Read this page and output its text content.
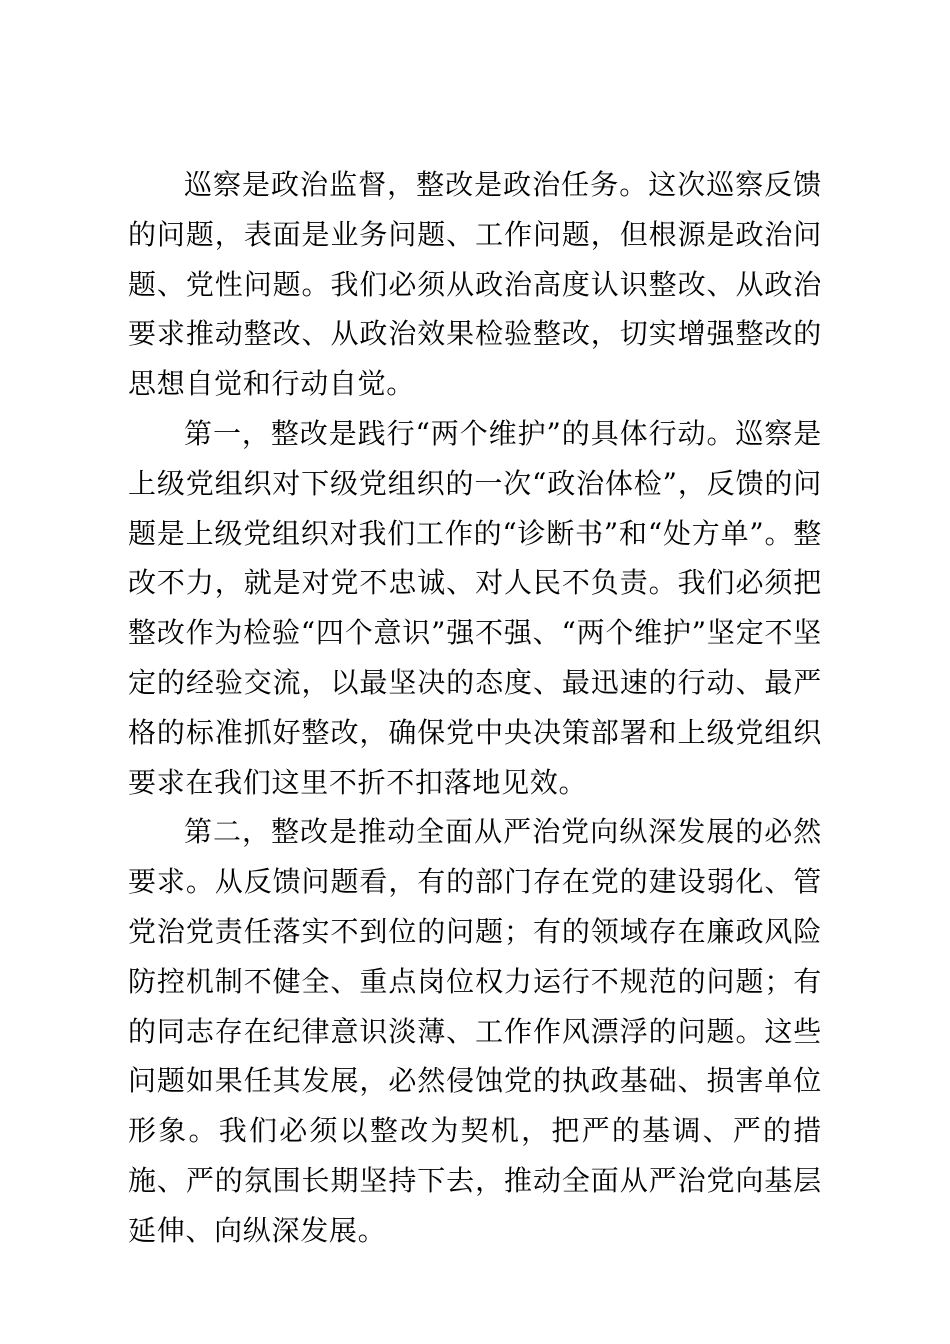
巡察是政治监督，整改是政治任务。这次巡察反馈的问题，表面是业务问题、工作问题，但根源是政治问题、党性问题。我们必须从政治高度认识整改、从政治要求推动整改、从政治效果检验整改，切实增强整改的思想自觉和行动自觉。

第一，整改是践行“两个维护”的具体行动。巡察是上级党组织对下级党组织的一次“政治体检”，反馈的问题是上级党组织对我们工作的“诊断书”和“处方单”。整改不力，就是对党不忠诚、对人民不负责。我们必须把整改作为检验“四个意识”强不强、“两个维护”坚定不坚定的经验交流，以最坚决的态度、最迅速的行动、最严格的标准抓好整改，确保党中央决策部署和上级党组织要求在我们这里不折不扣落地见效。

第二，整改是推动全面从严治党向纵深发展的必然要求。从反馈问题看，有的部门存在党的建设弱化、管党治党责任落实不到位的问题；有的领域存在廉政风险防控机制不健全、重点岗位权力运行不规范的问题；有的同志存在纪律意识淡薄、工作作风漂浮的问题。这些问题如果任其发展，必然侵蚀党的执政基础、损害单位形象。我们必须以整改为契机，把严的基调、严的措施、严的氛围长期坚持下去，推动全面从严治党向基层延伸、向纵深发展。
